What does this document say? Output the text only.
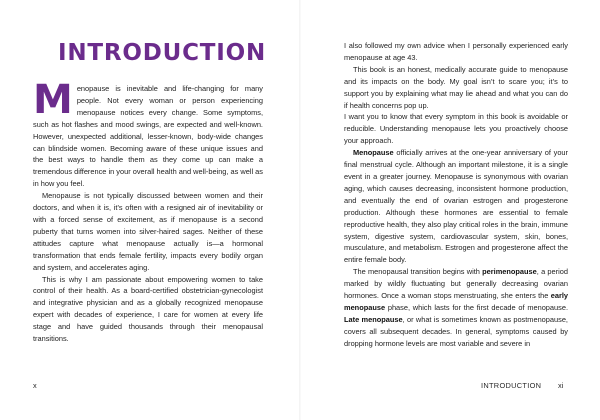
INTRODUCTION

Menopause is inevitable and life-changing for many people. Not every woman or person experiencing menopause notices every change. Some symptoms, such as hot flashes and mood swings, are expected and well-known. However, unexpected additional, lesser-known, body-wide changes can blindside women. Becoming aware of these unique issues and the best ways to handle them as they come up can make a tremendous difference in your overall health and well-being, as well as in how you feel.

Menopause is not typically discussed between women and their doctors, and when it is, it’s often with a resigned air of inevitability or with a forced sense of excitement, as if menopause is a second puberty that turns women into silver-haired sages. Neither of these attitudes capture what menopause actually is—a hormonal transformation that ends female fertility, impacts every bodily organ and system, and accelerates aging.

This is why I am passionate about empowering women to take control of their health. As a board-certified obstetrician-gynecologist and integrative physician and as a globally recognized menopause expert with decades of experience, I care for women at every life stage and have guided thousands through their menopausal transitions.

x

I also followed my own advice when I personally experienced early menopause at age 43.

This book is an honest, medically accurate guide to menopause and its impacts on the body. My goal isn’t to scare you; it’s to support you by explaining what may lie ahead and what you can do if health concerns pop up.

I want you to know that every symptom in this book is avoidable or reducible. Understanding menopause lets you proactively choose your approach.

Menopause officially arrives at the one-year anniversary of your final menstrual cycle. Although an important milestone, it is a single event in a greater journey. Menopause is synonymous with ovarian aging, which causes decreasing, inconsistent hormone production, and eventually the end of ovarian estrogen and progesterone production. Although these hormones are essential to female reproductive health, they also play critical roles in the brain, immune system, digestive system, cardiovascular system, skin, bones, musculature, and metabolism. Estrogen and progesterone affect the entire female body.

The menopausal transition begins with perimenopause, a period marked by wildly fluctuating but generally decreasing ovarian hormones. Once a woman stops menstruating, she enters the early menopause phase, which lasts for the first decade of menopause. Late menopause, or what is sometimes known as postmenopause, covers all subsequent decades. In general, symptoms caused by dropping hormone levels are most variable and severe in

INTRODUCTION xi
